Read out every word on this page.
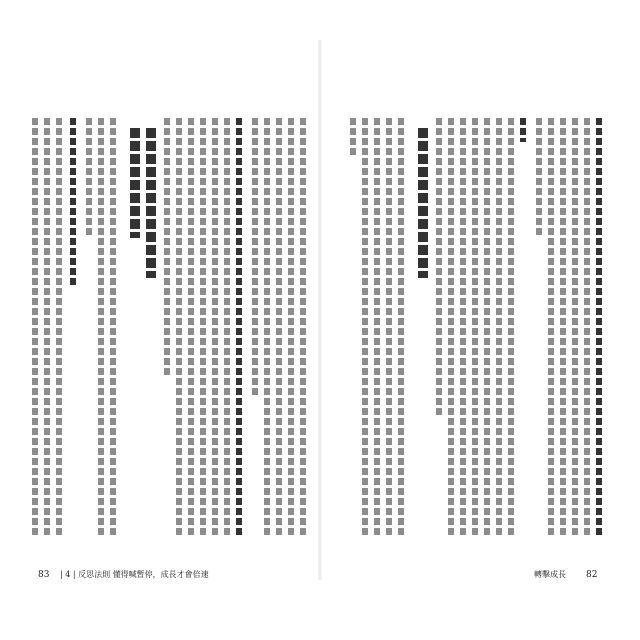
83 | 4 | 反思法則 懂得喊暫停，成長才會倍速	轉擊成長 82
